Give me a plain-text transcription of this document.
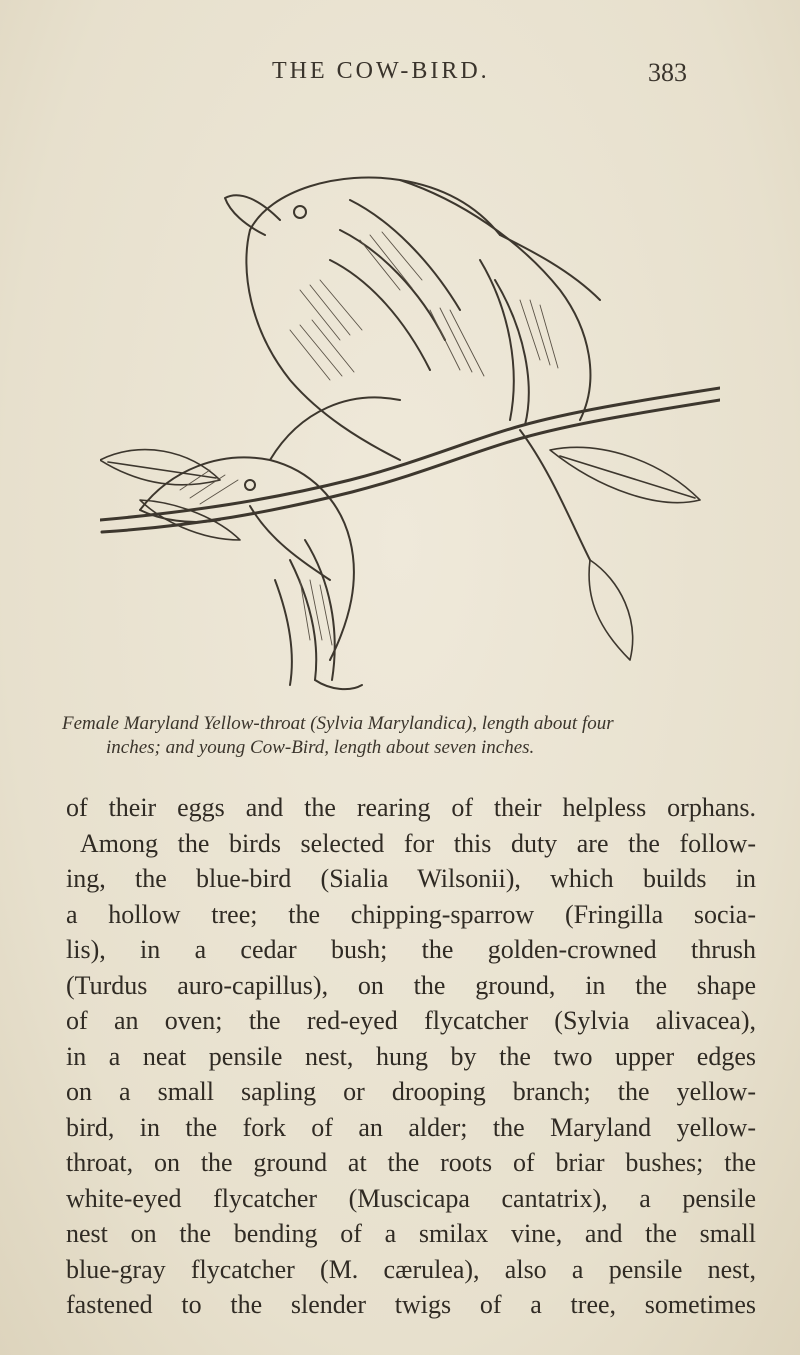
THE COW-BIRD.	383
Female Maryland Yellow-throat (Sylvia Marylandica), length about four
inches; and young Cow-Bird, length about seven inches.
of their eggs and the rearing of their helpless orphans.
Among the birds selected for this duty are the follow-
ing, the blue-bird (Sialia Wilsonii), which builds in
a hollow tree; the chipping-sparrow (Fringilla socia-
lis), in a cedar bush; the golden-crowned thrush
(Turdus auro-capillus), on the ground, in the shape
of an oven; the red-eyed flycatcher (Sylvia alivacea),
in a neat pensile nest, hung by the two upper edges
on a small sapling or drooping branch; the yellow-
bird, in the fork of an alder; the Maryland yellow-
throat, on the ground at the roots of briar bushes; the
white-eyed flycatcher (Muscicapa cantatrix), a pensile
nest on the bending of a smilax vine, and the small
blue-gray flycatcher (M. cærulea), also a pensile nest,
fastened to the slender twigs of a tree, sometimes
